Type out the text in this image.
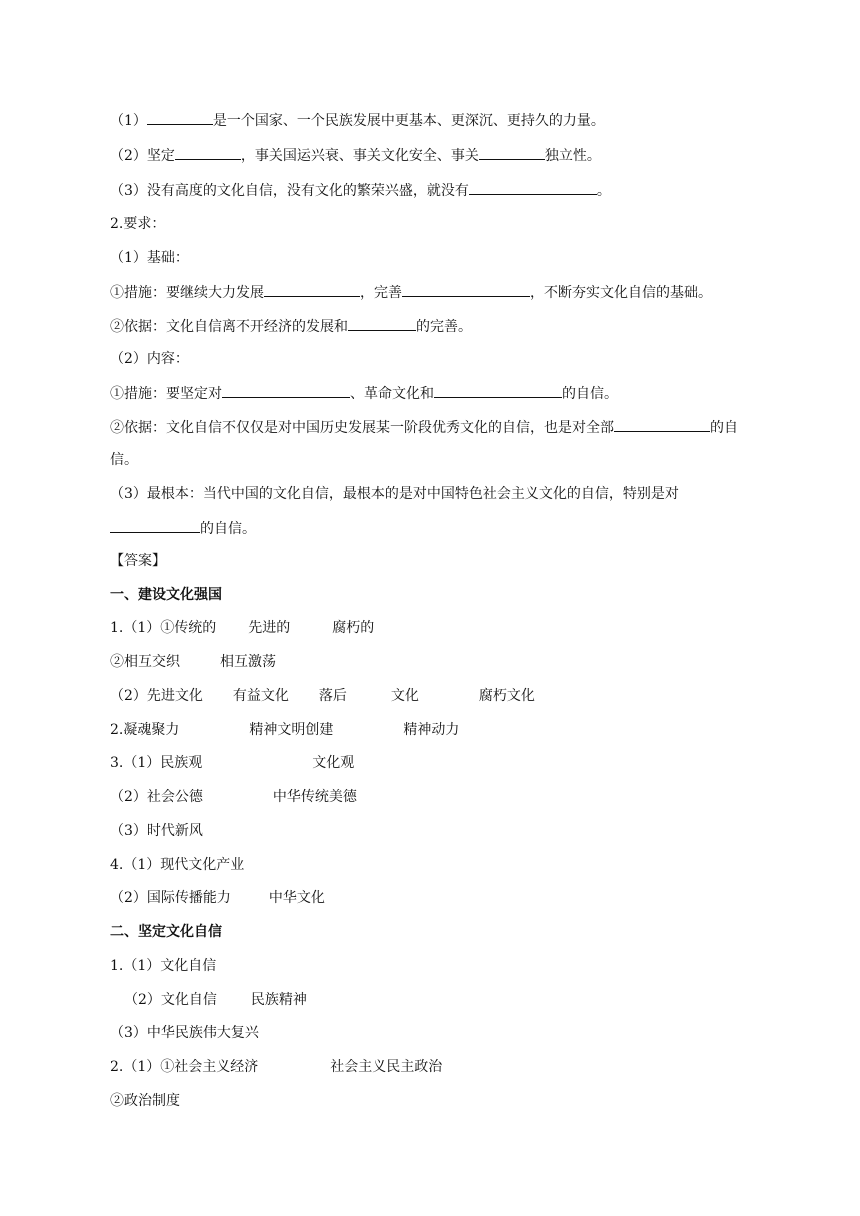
（1）	是一个国家、一个民族发展中更基本、更深沉、更持久的力量。
（2）坚定	，事关国运兴衰、事关文化安全、事关	独立性。
（3）没有高度的文化自信，没有文化的繁荣兴盛，就没有	。
2.要求：
（1）基础：
①措施：要继续大力发展	，完善	，不断夯实文化自信的基础。
②依据：文化自信离不开经济的发展和	的完善。
（2）内容：
①措施：要坚定对	、革命文化和	的自信。
②依据：文化自信不仅仅是对中国历史发展某一阶段优秀文化的自信，也是对全部	的自
信。
（3）最根本：当代中国的文化自信，最根本的是对中国特色社会主义文化的自信，特别是对
的自信。
【答案】
一、建设文化强国
1.（1）①传统的 先进的	腐朽的
②相互交织	相互激荡
（2）先进文化 有益文化 落后	文化	腐朽文化
2.凝魂聚力	精神文明创建	精神动力
3.（1）民族观	文化观
（2）社会公德	中华传统美德
（3）时代新风
4.（1）现代文化产业
（2）国际传播能力	中华文化
二、坚定文化自信
1.（1）文化自信
（2）文化自信 民族精神
（3）中华民族伟大复兴
2.（1）①社会主义经济	社会主义民主政治
②政治制度
